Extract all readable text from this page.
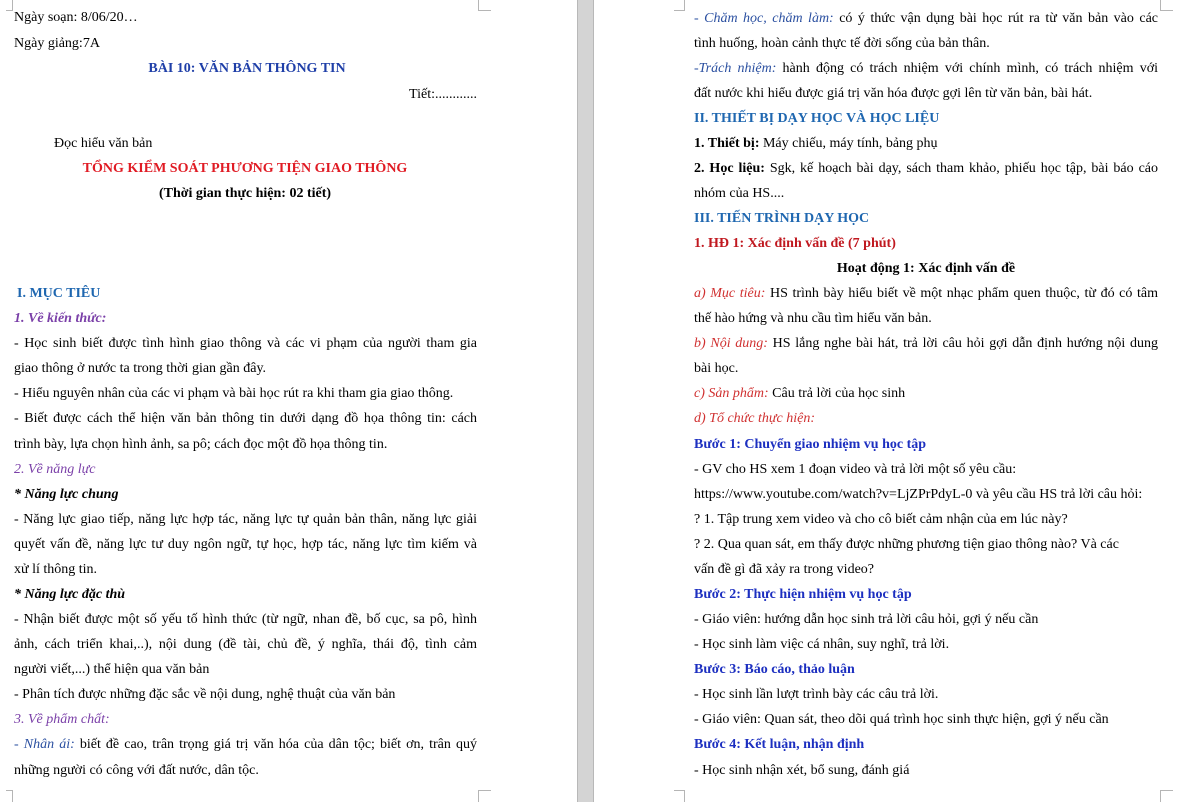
Ngày soạn: 8/06/20…
Ngày giảng:7A
BÀI 10: VĂN BẢN THÔNG TIN
Tiết:............
Đọc hiểu văn bản
TỔNG KIỂM SOÁT PHƯƠNG TIỆN GIAO THÔNG
(Thời gian thực hiện: 02 tiết)
I. MỤC TIÊU
1. Về kiến thức:
- Học sinh biết được tình hình giao thông và các vi phạm của người tham gia
giao thông ở nước ta trong thời gian gần đây.
- Hiểu nguyên nhân của các vi phạm và bài học rút ra khi tham gia giao thông.
- Biết được cách thể hiện văn bản thông tin dưới dạng đồ họa thông tin: cách
trình bày, lựa chọn hình ảnh, sa pô; cách đọc một đồ họa thông tin.
2. Về năng lực
* Năng lực chung
- Năng lực giao tiếp, năng lực hợp tác, năng lực tự quản bản thân, năng lực giải
quyết vấn đề, năng lực tư duy ngôn ngữ, tự học, hợp tác, năng lực tìm kiếm và
xử lí thông tin.
* Năng lực đặc thù
- Nhận biết được một số yếu tố hình thức (từ ngữ, nhan đề, bố cục, sa pô, hình
ảnh, cách triển khai,..), nội dung (đề tài, chủ đề, ý nghĩa, thái độ, tình cảm
người viết,...) thể hiện qua văn bản
- Phân tích được những đặc sắc về nội dung, nghệ thuật của văn bản
3. Về phẩm chất:
- Nhân ái: biết đề cao, trân trọng giá trị văn hóa của dân tộc; biết ơn, trân quý
những người có công với đất nước, dân tộc.
- Chăm học, chăm làm: có ý thức vận dụng bài học rút ra từ văn bản vào các
tình huống, hoàn cảnh thực tế đời sống của bản thân.
-Trách nhiệm: hành động có trách nhiệm với chính mình, có trách nhiệm với
đất nước khi hiểu được giá trị văn hóa được gợi lên từ văn bản, bài hát.
II. THIẾT BỊ DẠY HỌC VÀ HỌC LIỆU
1. Thiết bị: Máy chiếu, máy tính, bảng phụ
2. Học liệu: Sgk, kế hoạch bài dạy, sách tham khảo, phiếu học tập, bài báo cáo
nhóm của HS....
III. TIẾN TRÌNH DẠY HỌC
1. HĐ 1: Xác định vấn đề (7 phút)
Hoạt động 1: Xác định vấn đề
a) Mục tiêu: HS trình bày hiểu biết về một nhạc phẩm quen thuộc, từ đó có tâm
thế hào hứng và nhu cầu tìm hiểu văn bản.
b) Nội dung: HS lắng nghe bài hát, trả lời câu hỏi gợi dẫn định hướng nội dung
bài học.
c) Sản phẩm: Câu trả lời của học sinh
d) Tổ chức thực hiện:
Bước 1: Chuyển giao nhiệm vụ học tập
- GV cho HS xem 1 đoạn video và trả lời một số yêu cầu:
https://www.youtube.com/watch?v=LjZPrPdyL-0 và yêu cầu HS trả lời câu hỏi:
? 1. Tập trung xem video và cho cô biết cảm nhận của em lúc này?
? 2. Qua quan sát, em thấy được những phương tiện giao thông nào? Và các
vấn đề gì đã xảy ra trong video?
Bước 2: Thực hiện nhiệm vụ học tập
- Giáo viên: hướng dẫn học sinh trả lời câu hỏi, gợi ý nếu cần
- Học sinh làm việc cá nhân, suy nghĩ, trả lời.
Bước 3: Báo cáo, thảo luận
- Học sinh lần lượt trình bày các câu trả lời.
- Giáo viên: Quan sát, theo dõi quá trình học sinh thực hiện, gợi ý nếu cần
Bước 4: Kết luận, nhận định
- Học sinh nhận xét, bổ sung, đánh giá
